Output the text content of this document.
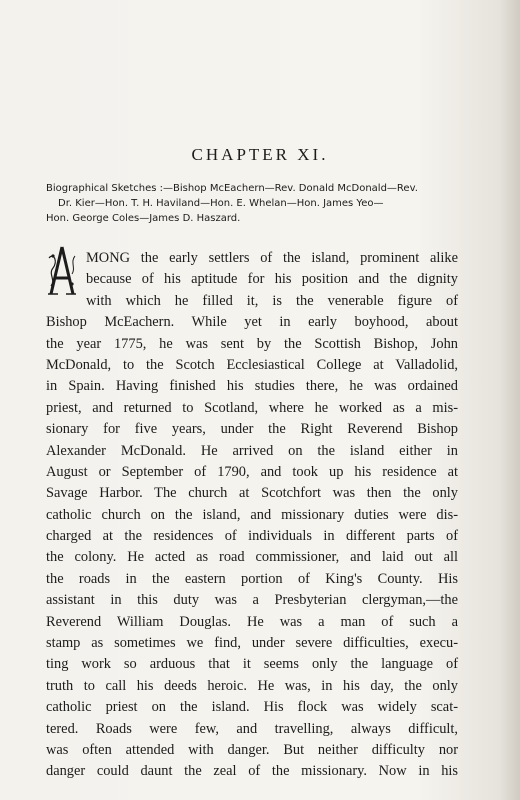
CHAPTER XI.
Biographical Sketches :—Bishop McEachern—Rev. Donald McDonald—Rev.
Dr. Kier—Hon. T. H. Haviland—Hon. E. Whelan—Hon. James Yeo—
Hon. George Coles—James D. Haszard.
MONG the early settlers of the island, prominent alike
because of his aptitude for his position and the dignity
with which he filled it, is the venerable figure of
Bishop McEachern. While yet in early boyhood, about
the year 1775, he was sent by the Scottish Bishop, John
McDonald, to the Scotch Ecclesiastical College at Valladolid,
in Spain. Having finished his studies there, he was ordained
priest, and returned to Scotland, where he worked as a mis-
sionary for five years, under the Right Reverend Bishop
Alexander McDonald. He arrived on the island either in
August or September of 1790, and took up his residence at
Savage Harbor. The church at Scotchfort was then the only
catholic church on the island, and missionary duties were dis-
charged at the residences of individuals in different parts of
the colony. He acted as road commissioner, and laid out all
the roads in the eastern portion of King's County. His
assistant in this duty was a Presbyterian clergyman,—the
Reverend William Douglas. He was a man of such a
stamp as sometimes we find, under severe difficulties, execu-
ting work so arduous that it seems only the language of
truth to call his deeds heroic. He was, in his day, the only
catholic priest on the island. His flock was widely scat-
tered. Roads were few, and travelling, always difficult,
was often attended with danger. But neither difficulty nor
danger could daunt the zeal of the missionary. Now in his
